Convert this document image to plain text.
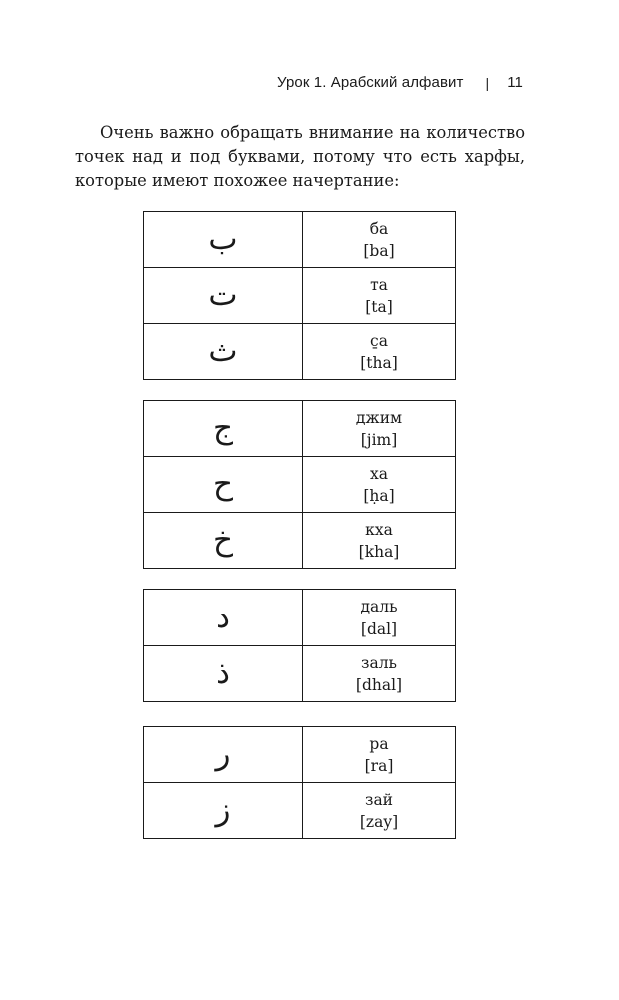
Урок 1. Арабский алфавит | 11

Очень важно обращать внимание на количество точек над и под буквами, потому что есть харфы, которые имеют похожее начертание:

ب	ба
[ba]

ت	та
[ta]

ث	с̱а
[tha]
ج	джим
[jim]

ح	ха
[ḥa]

خ	кха
[kha]
د	даль
[dal]

ذ	заль
[dhal]
ر	ра
[ra]

ز	зай
[zay]
